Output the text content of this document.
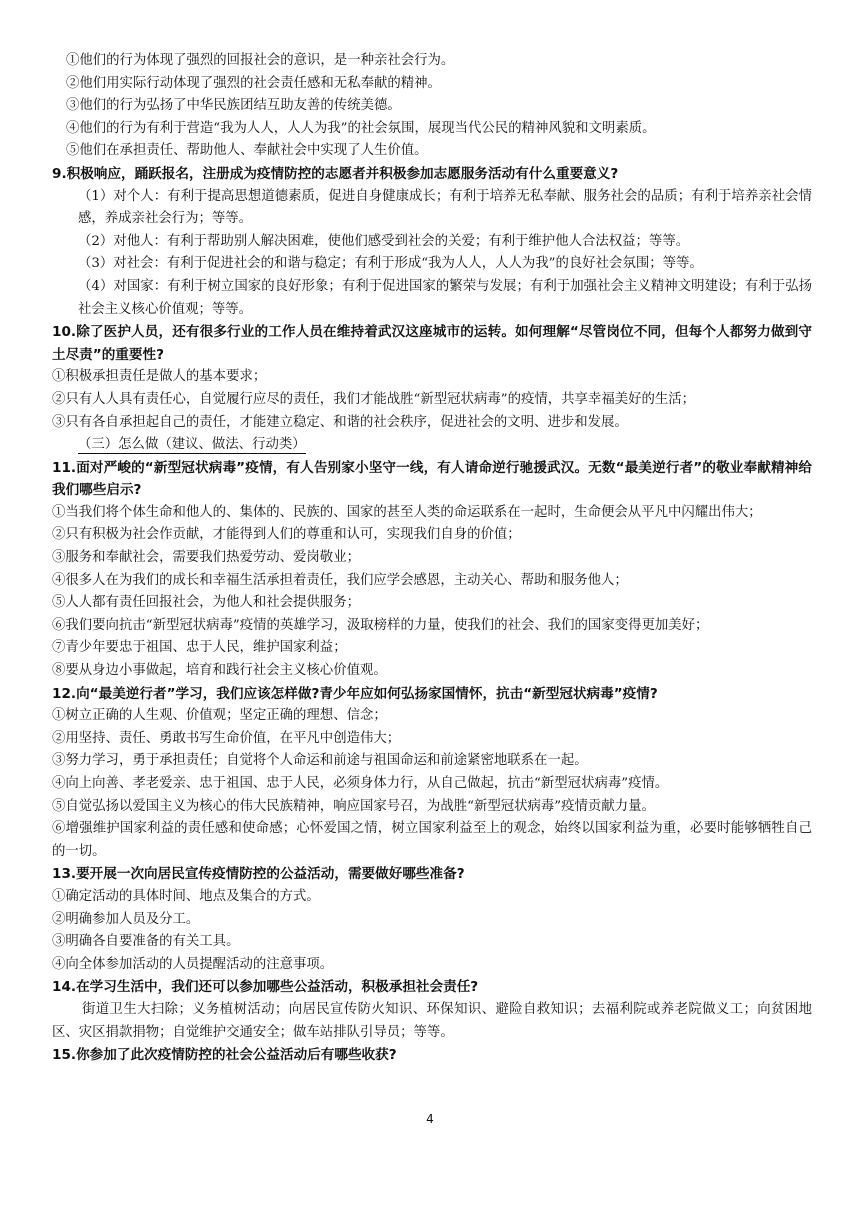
①他们的行为体现了强烈的回报社会的意识，是一种亲社会行为。
②他们用实际行动体现了强烈的社会责任感和无私奉献的精神。
③他们的行为弘扬了中华民族团结互助友善的传统美德。
④他们的行为有利于营造“我为人人，人人为我”的社会氛围，展现当代公民的精神风貌和文明素质。
⑤他们在承担责任、帮助他人、奉献社会中实现了人生价值。
9.积极响应，踊跃报名，注册成为疫情防控的志愿者并积极参加志愿服务活动有什么重要意义?
（1）对个人：有利于提高思想道德素质，促进自身健康成长；有利于培养无私奉献、服务社会的品质；有利于培养亲社会情感，养成亲社会行为；等等。
（2）对他人：有利于帮助别人解决困难，使他们感受到社会的关爱；有利于维护他人合法权益；等等。
（3）对社会：有利于促进社会的和谐与稳定；有利于形成“我为人人，人人为我”的良好社会氛围；等等。
（4）对国家：有利于树立国家的良好形象；有利于促进国家的繁荣与发展；有利于加强社会主义精神文明建设；有利于弘扬社会主义核心价值观；等等。
10.除了医护人员，还有很多行业的工作人员在维持着武汉这座城市的运转。如何理解“尽管岗位不同，但每个人都努力做到守土尽责”的重要性?
①积极承担责任是做人的基本要求；
②只有人人具有责任心，自觉履行应尽的责任，我们才能战胜“新型冠状病毒”的疫情，共享幸福美好的生活；
③只有各自承担起自己的责任，才能建立稳定、和谐的社会秩序，促进社会的文明、进步和发展。
（三）怎么做（建议、做法、行动类）
11.面对严峻的“新型冠状病毒”疫情，有人告别家小坚守一线，有人请命逆行驰援武汉。无数“最美逆行者”的敬业奉献精神给我们哪些启示?
①当我们将个体生命和他人的、集体的、民族的、国家的甚至人类的命运联系在一起时，生命便会从平凡中闪耀出伟大；
②只有积极为社会作贡献，才能得到人们的尊重和认可，实现我们自身的价值；
③服务和奉献社会，需要我们热爱劳动、爱岗敬业；
④很多人在为我们的成长和幸福生活承担着责任，我们应学会感恩，主动关心、帮助和服务他人；
⑤人人都有责任回报社会，为他人和社会提供服务；
⑥我们要向抗击“新型冠状病毒”疫情的英雄学习，汲取榜样的力量，使我们的社会、我们的国家变得更加美好；
⑦青少年要忠于祖国、忠于人民，维护国家利益；
⑧要从身边小事做起，培育和践行社会主义核心价值观。
12.向“最美逆行者”学习，我们应该怎样做?青少年应如何弘扬家国情怀，抗击“新型冠状病毒”疫情?
①树立正确的人生观、价值观；坚定正确的理想、信念；
②用坚持、责任、勇敢书写生命价值，在平凡中创造伟大；
③努力学习，勇于承担责任；自觉将个人命运和前途与祖国命运和前途紧密地联系在一起。
④向上向善、孝老爱亲、忠于祖国、忠于人民，必须身体力行，从自己做起，抗击“新型冠状病毒”疫情。
⑤自觉弘扬以爱国主义为核心的伟大民族精神，响应国家号召，为战胜“新型冠状病毒”疫情贡献力量。
⑥增强维护国家利益的责任感和使命感；心怀爱国之情，树立国家利益至上的观念，始终以国家利益为重，必要时能够牺牲自己的一切。
13.要开展一次向居民宣传疫情防控的公益活动，需要做好哪些准备?
①确定活动的具体时间、地点及集合的方式。
②明确参加人员及分工。
③明确各自要准备的有关工具。
④向全体参加活动的人员提醒活动的注意事项。
14.在学习生活中，我们还可以参加哪些公益活动，积极承担社会责任?
街道卫生大扫除；义务植树活动；向居民宣传防火知识、环保知识、避险自救知识；去福利院或养老院做义工；向贫困地区、灾区捐款捐物；自觉维护交通安全；做车站排队引导员；等等。
15.你参加了此次疫情防控的社会公益活动后有哪些收获?
4
